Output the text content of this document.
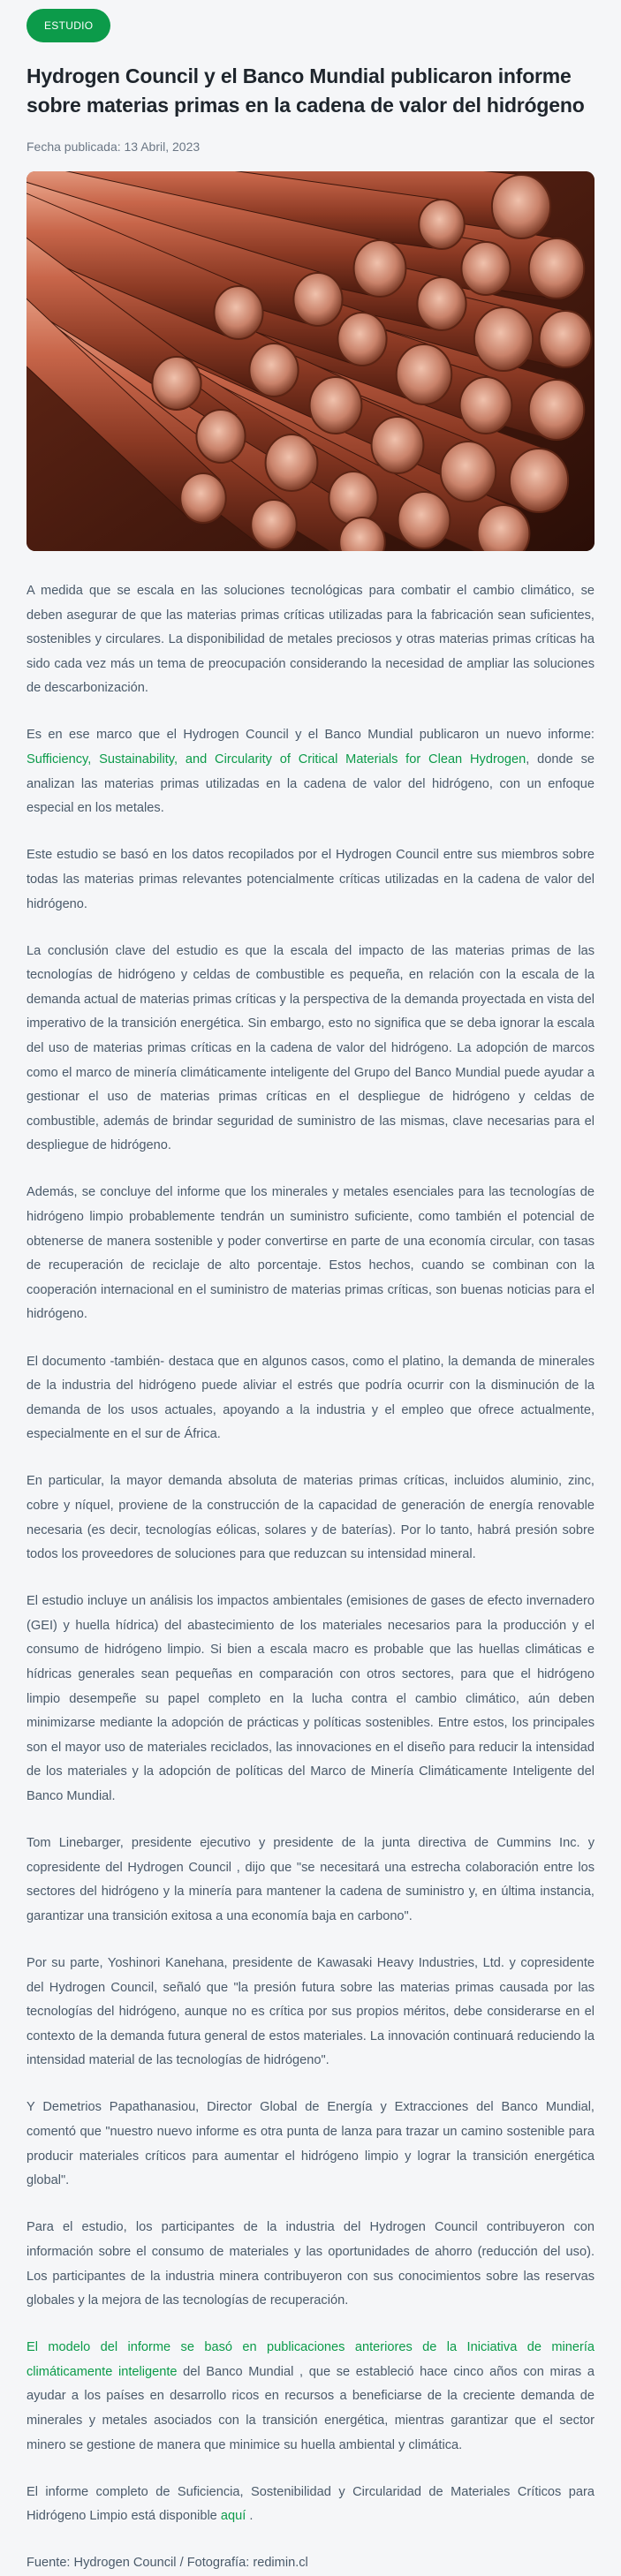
ESTUDIO
Hydrogen Council y el Banco Mundial publicaron informe sobre materias primas en la cadena de valor del hidrógeno
Fecha publicada: 13 Abril, 2023

A medida que se escala en las soluciones tecnológicas para combatir el cambio climático, se deben asegurar de que las materias primas críticas utilizadas para la fabricación sean suficientes, sostenibles y circulares. La disponibilidad de metales preciosos y otras materias primas críticas ha sido cada vez más un tema de preocupación considerando la necesidad de ampliar las soluciones de descarbonización.

Es en ese marco que el Hydrogen Council y el Banco Mundial publicaron un nuevo informe: Sufficiency, Sustainability, and Circularity of Critical Materials for Clean Hydrogen, donde se analizan las materias primas utilizadas en la cadena de valor del hidrógeno, con un enfoque especial en los metales.

Este estudio se basó en los datos recopilados por el Hydrogen Council entre sus miembros sobre todas las materias primas relevantes potencialmente críticas utilizadas en la cadena de valor del hidrógeno.

La conclusión clave del estudio es que la escala del impacto de las materias primas de las tecnologías de hidrógeno y celdas de combustible es pequeña, en relación con la escala de la demanda actual de materias primas críticas y la perspectiva de la demanda proyectada en vista del imperativo de la transición energética. Sin embargo, esto no significa que se deba ignorar la escala del uso de materias primas críticas en la cadena de valor del hidrógeno. La adopción de marcos como el marco de minería climáticamente inteligente del Grupo del Banco Mundial puede ayudar a gestionar el uso de materias primas críticas en el despliegue de hidrógeno y celdas de combustible, además de brindar seguridad de suministro de las mismas, clave necesarias para el despliegue de hidrógeno.

Además, se concluye del informe que los minerales y metales esenciales para las tecnologías de hidrógeno limpio probablemente tendrán un suministro suficiente, como también el potencial de obtenerse de manera sostenible y poder convertirse en parte de una economía circular, con tasas de recuperación de reciclaje de alto porcentaje. Estos hechos, cuando se combinan con la cooperación internacional en el suministro de materias primas críticas, son buenas noticias para el hidrógeno.

El documento -también- destaca que en algunos casos, como el platino, la demanda de minerales de la industria del hidrógeno puede aliviar el estrés que podría ocurrir con la disminución de la demanda de los usos actuales, apoyando a la industria y el empleo que ofrece actualmente, especialmente en el sur de África.

En particular, la mayor demanda absoluta de materias primas críticas, incluidos aluminio, zinc, cobre y níquel, proviene de la construcción de la capacidad de generación de energía renovable necesaria (es decir, tecnologías eólicas, solares y de baterías). Por lo tanto, habrá presión sobre todos los proveedores de soluciones para que reduzcan su intensidad mineral.

El estudio incluye un análisis los impactos ambientales (emisiones de gases de efecto invernadero (GEI) y huella hídrica) del abastecimiento de los materiales necesarios para la producción y el consumo de hidrógeno limpio. Si bien a escala macro es probable que las huellas climáticas e hídricas generales sean pequeñas en comparación con otros sectores, para que el hidrógeno limpio desempeñe su papel completo en la lucha contra el cambio climático, aún deben minimizarse mediante la adopción de prácticas y políticas sostenibles. Entre estos, los principales son el mayor uso de materiales reciclados, las innovaciones en el diseño para reducir la intensidad de los materiales y la adopción de políticas del Marco de Minería Climáticamente Inteligente del Banco Mundial.

Tom Linebarger, presidente ejecutivo y presidente de la junta directiva de Cummins Inc. y copresidente del Hydrogen Council , dijo que "se necesitará una estrecha colaboración entre los sectores del hidrógeno y la minería para mantener la cadena de suministro y, en última instancia, garantizar una transición exitosa a una economía baja en carbono".

Por su parte, Yoshinori Kanehana, presidente de Kawasaki Heavy Industries, Ltd. y copresidente del Hydrogen Council, señaló que "la presión futura sobre las materias primas causada por las tecnologías del hidrógeno, aunque no es crítica por sus propios méritos, debe considerarse en el contexto de la demanda futura general de estos materiales. La innovación continuará reduciendo la intensidad material de las tecnologías de hidrógeno".

Y Demetrios Papathanasiou, Director Global de Energía y Extracciones del Banco Mundial, comentó que "nuestro nuevo informe es otra punta de lanza para trazar un camino sostenible para producir materiales críticos para aumentar el hidrógeno limpio y lograr la transición energética global".

Para el estudio, los participantes de la industria del Hydrogen Council contribuyeron con información sobre el consumo de materiales y las oportunidades de ahorro (reducción del uso). Los participantes de la industria minera contribuyeron con sus conocimientos sobre las reservas globales y la mejora de las tecnologías de recuperación.

El modelo del informe se basó en publicaciones anteriores de la Iniciativa de minería climáticamente inteligente del Banco Mundial , que se estableció hace cinco años con miras a ayudar a los países en desarrollo ricos en recursos a beneficiarse de la creciente demanda de minerales y metales asociados con la transición energética, mientras garantizar que el sector minero se gestione de manera que minimice su huella ambiental y climática.

El informe completo de Suficiencia, Sostenibilidad y Circularidad de Materiales Críticos para Hidrógeno Limpio está disponible aquí .

Fuente: Hydrogen Council / Fotografía: redimin.cl
